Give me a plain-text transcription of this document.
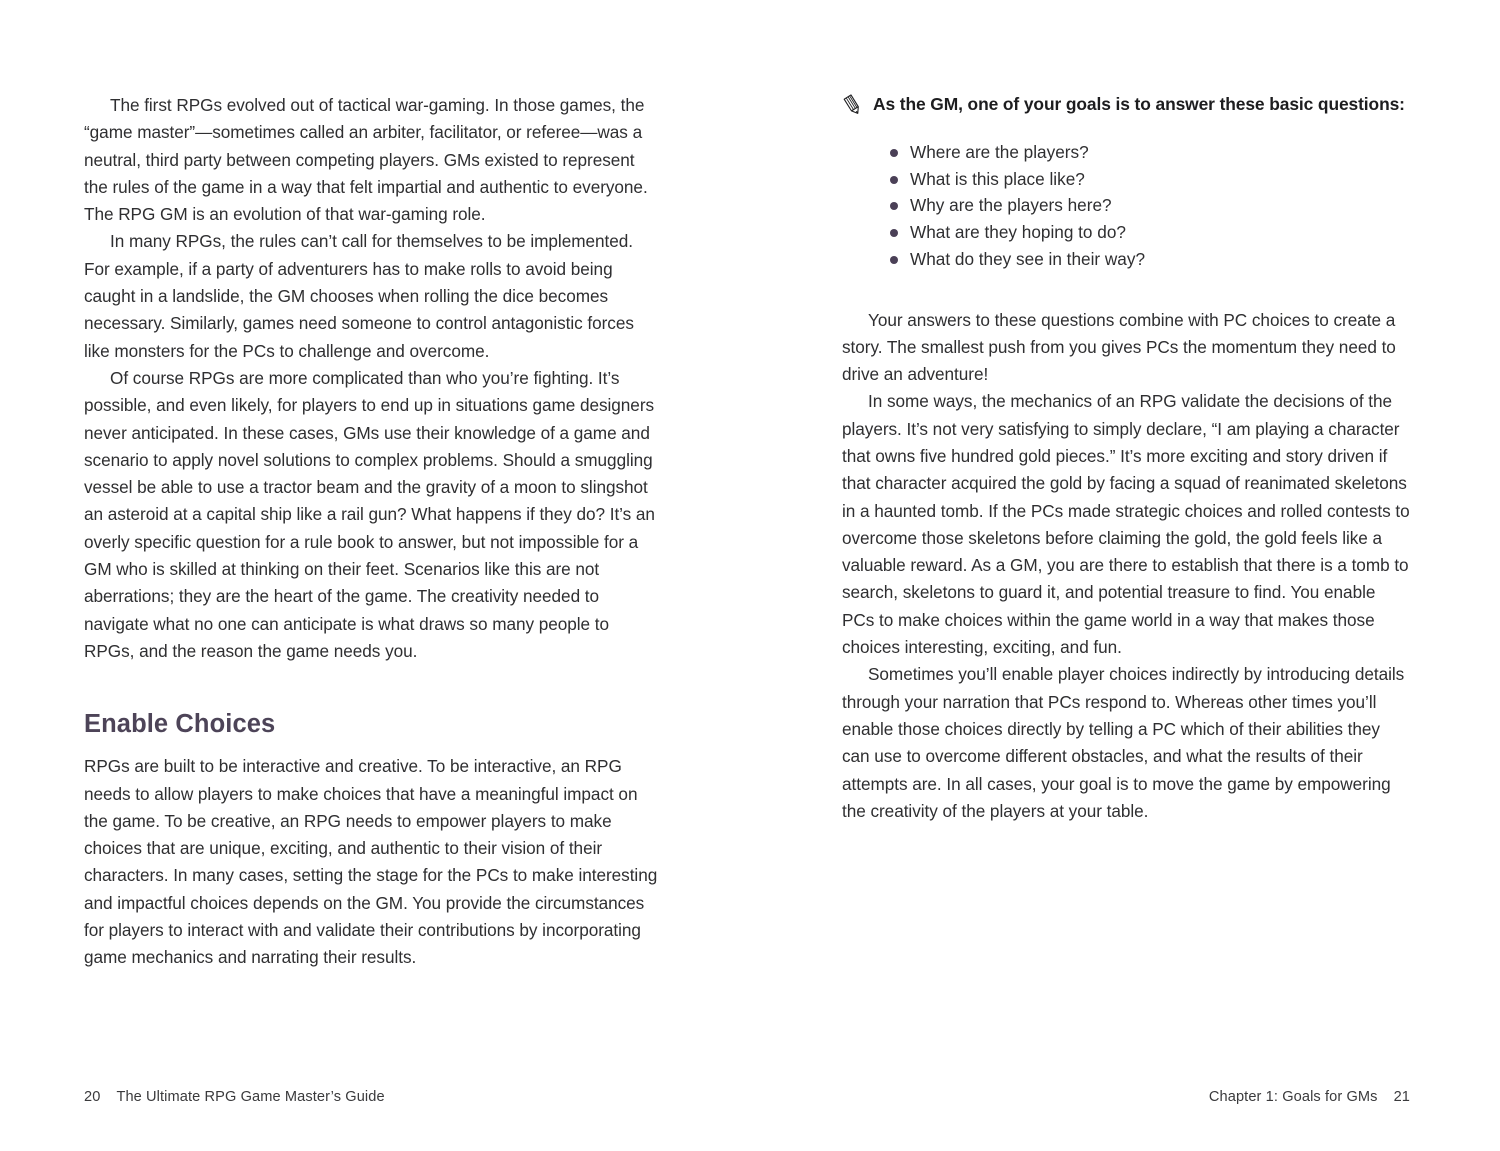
The first RPGs evolved out of tactical war-gaming. In those games, the “game master”—sometimes called an arbiter, facilitator, or referee—was a neutral, third party between competing players. GMs existed to represent the rules of the game in a way that felt impartial and authentic to everyone. The RPG GM is an evolution of that war-gaming role.

In many RPGs, the rules can’t call for themselves to be implemented. For example, if a party of adventurers has to make rolls to avoid being caught in a landslide, the GM chooses when rolling the dice becomes necessary. Similarly, games need someone to control antagonistic forces like monsters for the PCs to challenge and overcome.

Of course RPGs are more complicated than who you’re fighting. It’s possible, and even likely, for players to end up in situations game designers never anticipated. In these cases, GMs use their knowledge of a game and scenario to apply novel solutions to complex problems. Should a smuggling vessel be able to use a tractor beam and the gravity of a moon to slingshot an asteroid at a capital ship like a rail gun? What happens if they do? It’s an overly specific question for a rule book to answer, but not impossible for a GM who is skilled at thinking on their feet. Scenarios like this are not aberrations; they are the heart of the game. The creativity needed to navigate what no one can anticipate is what draws so many people to RPGs, and the reason the game needs you.

Enable Choices

RPGs are built to be interactive and creative. To be interactive, an RPG needs to allow players to make choices that have a meaningful impact on the game. To be creative, an RPG needs to empower players to make choices that are unique, exciting, and authentic to their vision of their characters. In many cases, setting the stage for the PCs to make interesting and impactful choices depends on the GM. You provide the circumstances for players to interact with and validate their contributions by incorporating game mechanics and narrating their results.

20 The Ultimate RPG Game Master’s Guide
As the GM, one of your goals is to answer these basic questions:
Where are the players?
What is this place like?
Why are the players here?
What are they hoping to do?
What do they see in their way?

Your answers to these questions combine with PC choices to create a story. The smallest push from you gives PCs the momentum they need to drive an adventure!

In some ways, the mechanics of an RPG validate the decisions of the players. It’s not very satisfying to simply declare, “I am playing a character that owns five hundred gold pieces.” It’s more exciting and story driven if that character acquired the gold by facing a squad of reanimated skeletons in a haunted tomb. If the PCs made strategic choices and rolled contests to overcome those skeletons before claiming the gold, the gold feels like a valuable reward. As a GM, you are there to establish that there is a tomb to search, skeletons to guard it, and potential treasure to find. You enable PCs to make choices within the game world in a way that makes those choices interesting, exciting, and fun.

Sometimes you’ll enable player choices indirectly by introducing details through your narration that PCs respond to. Whereas other times you’ll enable those choices directly by telling a PC which of their abilities they can use to overcome different obstacles, and what the results of their attempts are. In all cases, your goal is to move the game by empowering the creativity of the players at your table.

Chapter 1: Goals for GMs 21
